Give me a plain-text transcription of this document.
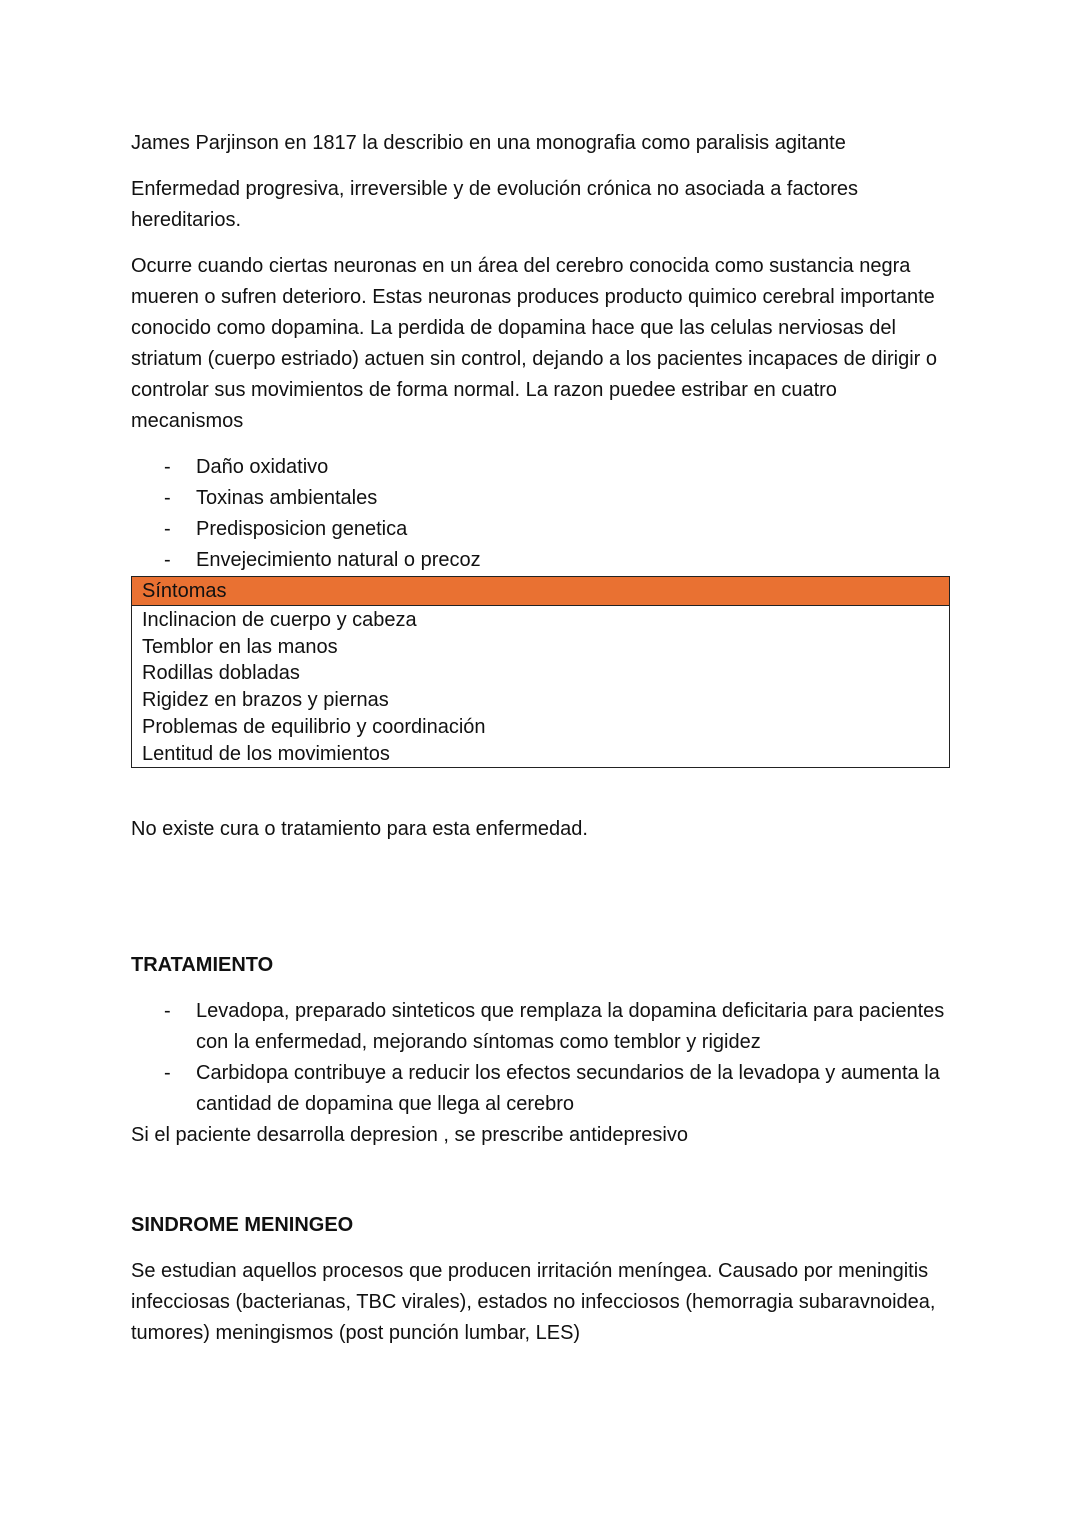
James Parjinson en 1817 la describio en una monografia como paralisis agitante

Enfermedad progresiva, irreversible y de evolución crónica no asociada a factores hereditarios.

Ocurre cuando ciertas neuronas en un área del cerebro conocida como sustancia negra mueren o sufren deterioro. Estas neuronas produces producto quimico cerebral importante conocido como dopamina. La perdida de dopamina hace que las celulas nerviosas del striatum (cuerpo estriado) actuen sin control, dejando a los pacientes incapaces de dirigir o controlar sus movimientos de forma normal. La razon puedee estribar en cuatro mecanismos

- Daño oxidativo
- Toxinas ambientales
- Predisposicion genetica
- Envejecimiento natural o precoz
Síntomas
Inclinacion de cuerpo y cabeza
Temblor en las manos
Rodillas dobladas
Rigidez en brazos y piernas
Problemas de equilibrio y coordinación
Lentitud de los movimientos

No existe cura o tratamiento para esta enfermedad.

TRATAMIENTO
- Levadopa, preparado sinteticos que remplaza la dopamina deficitaria para pacientes con la enfermedad, mejorando síntomas como temblor y rigidez
- Carbidopa contribuye a reducir los efectos secundarios de la levadopa y aumenta la cantidad de dopamina que llega al cerebro

Si el paciente desarrolla depresion , se prescribe antidepresivo

SINDROME MENINGEO

Se estudian aquellos procesos que producen irritación meníngea. Causado por meningitis infecciosas (bacterianas, TBC virales), estados no infecciosos (hemorragia subaravnoidea, tumores) meningismos (post punción lumbar, LES)
